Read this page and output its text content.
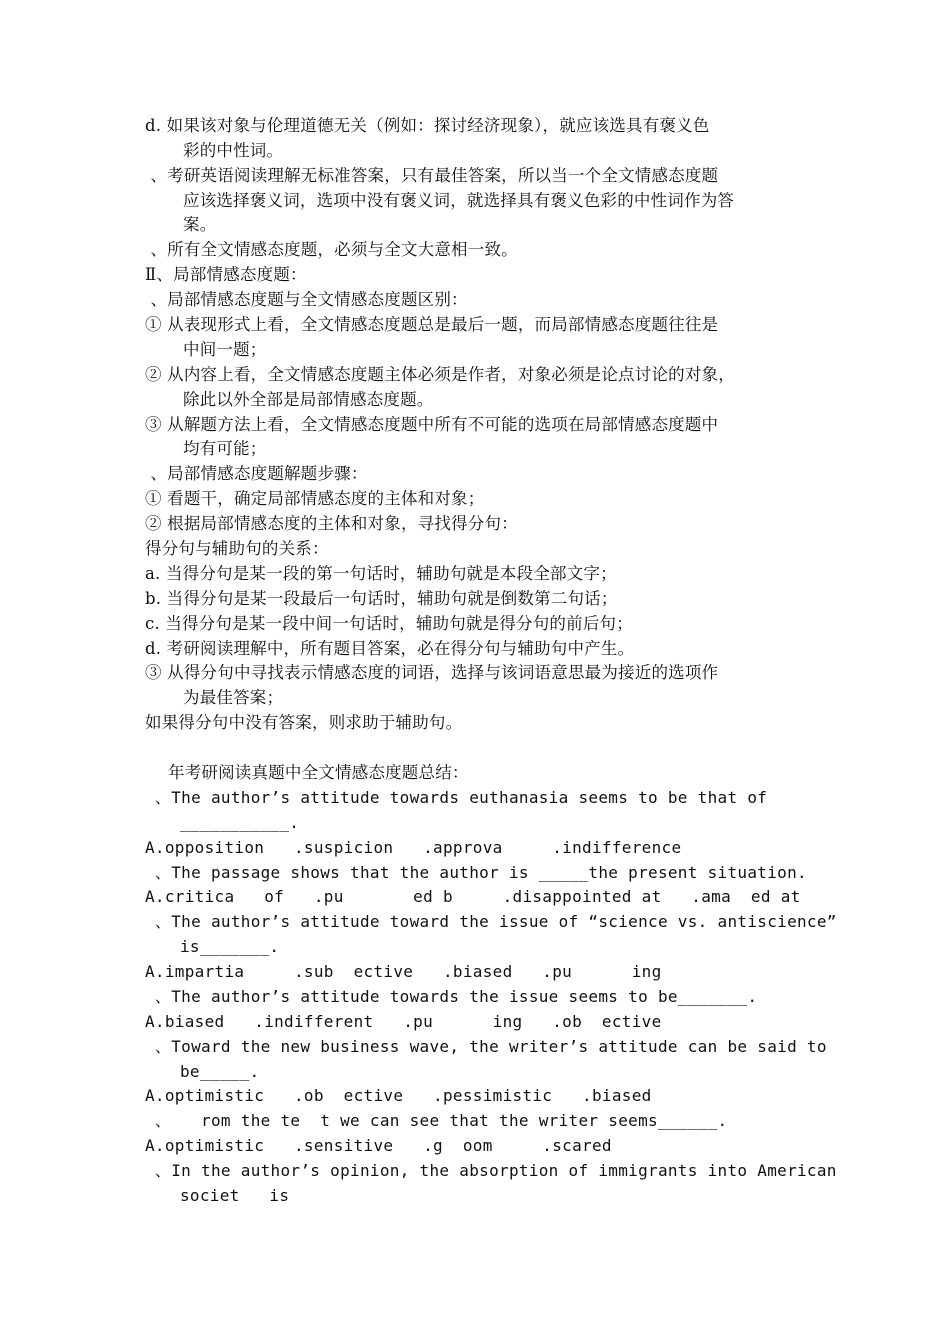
d. 如果该对象与伦理道德无关（例如：探讨经济现象），就应该选具有褒义色
彩的中性词。
、考研英语阅读理解无标准答案，只有最佳答案，所以当一个全文情感态度题
应该选择褒义词，选项中没有褒义词，就选择具有褒义色彩的中性词作为答
案。
、所有全文情感态度题，必须与全文大意相一致。
Ⅱ、局部情感态度题：
、局部情感态度题与全文情感态度题区别：
① 从表现形式上看，全文情感态度题总是最后一题，而局部情感态度题往往是
中间一题；
② 从内容上看，全文情感态度题主体必须是作者，对象必须是论点讨论的对象，
除此以外全部是局部情感态度题。
③ 从解题方法上看，全文情感态度题中所有不可能的选项在局部情感态度题中
均有可能；
、局部情感态度题解题步骤：
① 看题干，确定局部情感态度的主体和对象；
② 根据局部情感态度的主体和对象，寻找得分句：
得分句与辅助句的关系：
a. 当得分句是某一段的第一句话时，辅助句就是本段全部文字；
b. 当得分句是某一段最后一句话时，辅助句就是倒数第二句话；
c. 当得分句是某一段中间一句话时，辅助句就是得分句的前后句；
d. 考研阅读理解中，所有题目答案，必在得分句与辅助句中产生。
③ 从得分句中寻找表示情感态度的词语，选择与该词语意思最为接近的选项作
为最佳答案；
如果得分句中没有答案，则求助于辅助句。
年考研阅读真题中全文情感态度题总结：
、The author’s attitude towards euthanasia seems to be that of
___________.
A.opposition   .suspicion   .approva     .indifference
、The passage shows that the author is _____the present situation.
A.critica   of   .pu       ed b     .disappointed at   .ama  ed at
、The author’s attitude toward the issue of “science vs. antiscience”
is_______.
A.impartia     .sub  ective   .biased   .pu      ing
、The author’s attitude towards the issue seems to be_______.
A.biased   .indifferent   .pu      ing   .ob  ective
、Toward the new business wave, the writer’s attitude can be said to
be_____.
A.optimistic   .ob  ective   .pessimistic   .biased
、   rom the te  t we can see that the writer seems______.
A.optimistic   .sensitive   .g  oom     .scared
、In the author’s opinion, the absorption of immigrants into American
societ   is
